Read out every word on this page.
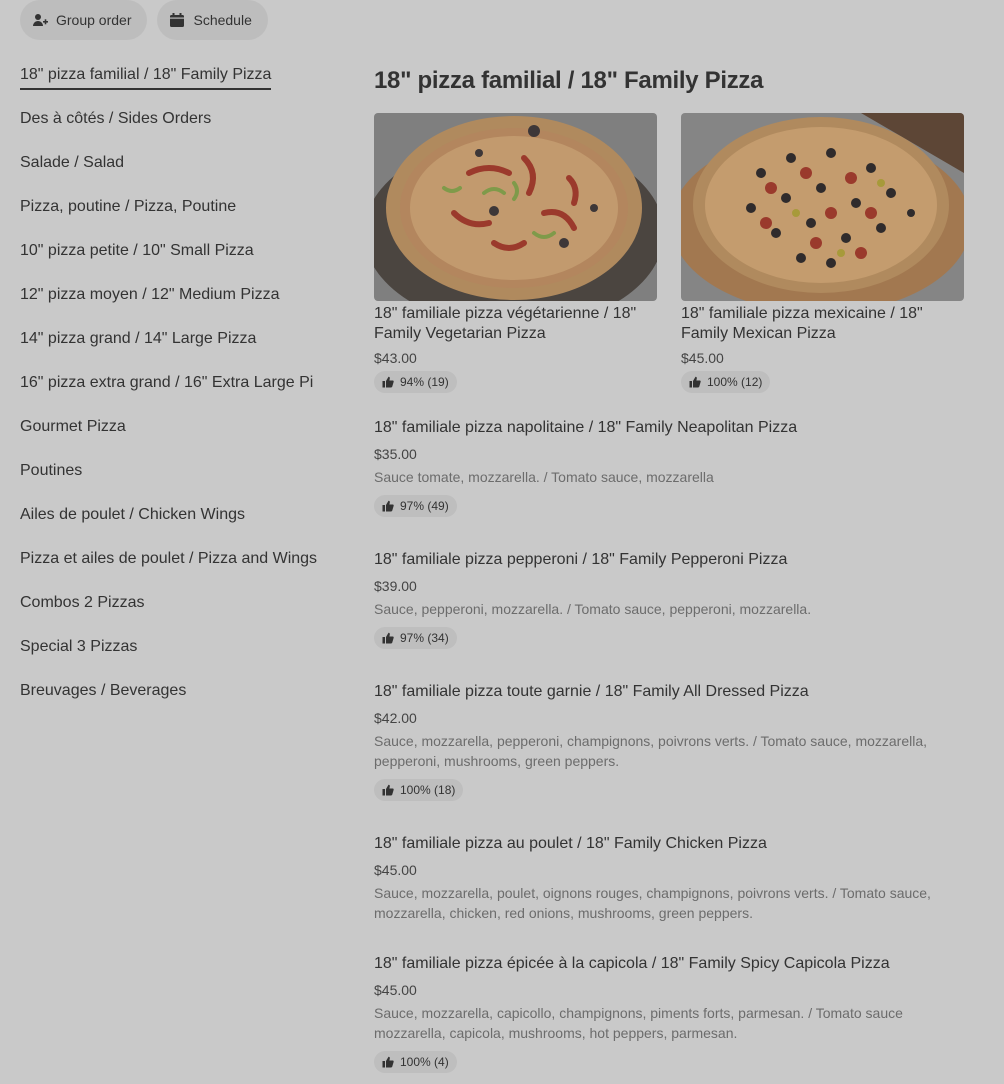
Group order	Schedule
18" pizza familial / 18" Family Pizza
Des à côtés / Sides Orders
Salade / Salad
Pizza, poutine / Pizza, Poutine
10" pizza petite / 10" Small Pizza
12" pizza moyen / 12" Medium Pizza
14" pizza grand / 14" Large Pizza
16" pizza extra grand / 16" Extra Large Pi
Gourmet Pizza
Poutines
Ailes de poulet / Chicken Wings
Pizza et ailes de poulet / Pizza and Wings
Combos 2 Pizzas
Special 3 Pizzas
Breuvages / Beverages
18" pizza familial / 18" Family Pizza
18" familiale pizza végétarienne / 18" Family Vegetarian Pizza
$43.00
94% (19)
18" familiale pizza mexicaine / 18" Family Mexican Pizza
$45.00
100% (12)
18" familiale pizza napolitaine / 18" Family Neapolitan Pizza
$35.00
Sauce tomate, mozzarella. / Tomato sauce, mozzarella
97% (49)
18" familiale pizza pepperoni / 18" Family Pepperoni Pizza
$39.00
Sauce, pepperoni, mozzarella. / Tomato sauce, pepperoni, mozzarella.
97% (34)
18" familiale pizza toute garnie / 18" Family All Dressed Pizza
$42.00
Sauce, mozzarella, pepperoni, champignons, poivrons verts. / Tomato sauce, mozzarella, pepperoni, mushrooms, green peppers.
100% (18)
18" familiale pizza au poulet / 18" Family Chicken Pizza
$45.00
Sauce, mozzarella, poulet, oignons rouges, champignons, poivrons verts. / Tomato sauce, mozzarella, chicken, red onions, mushrooms, green peppers.
18" familiale pizza épicée à la capicola / 18" Family Spicy Capicola Pizza
$45.00
Sauce, mozzarella, capicollo, champignons, piments forts, parmesan. / Tomato sauce mozzarella, capicola, mushrooms, hot peppers, parmesan.
100% (4)
